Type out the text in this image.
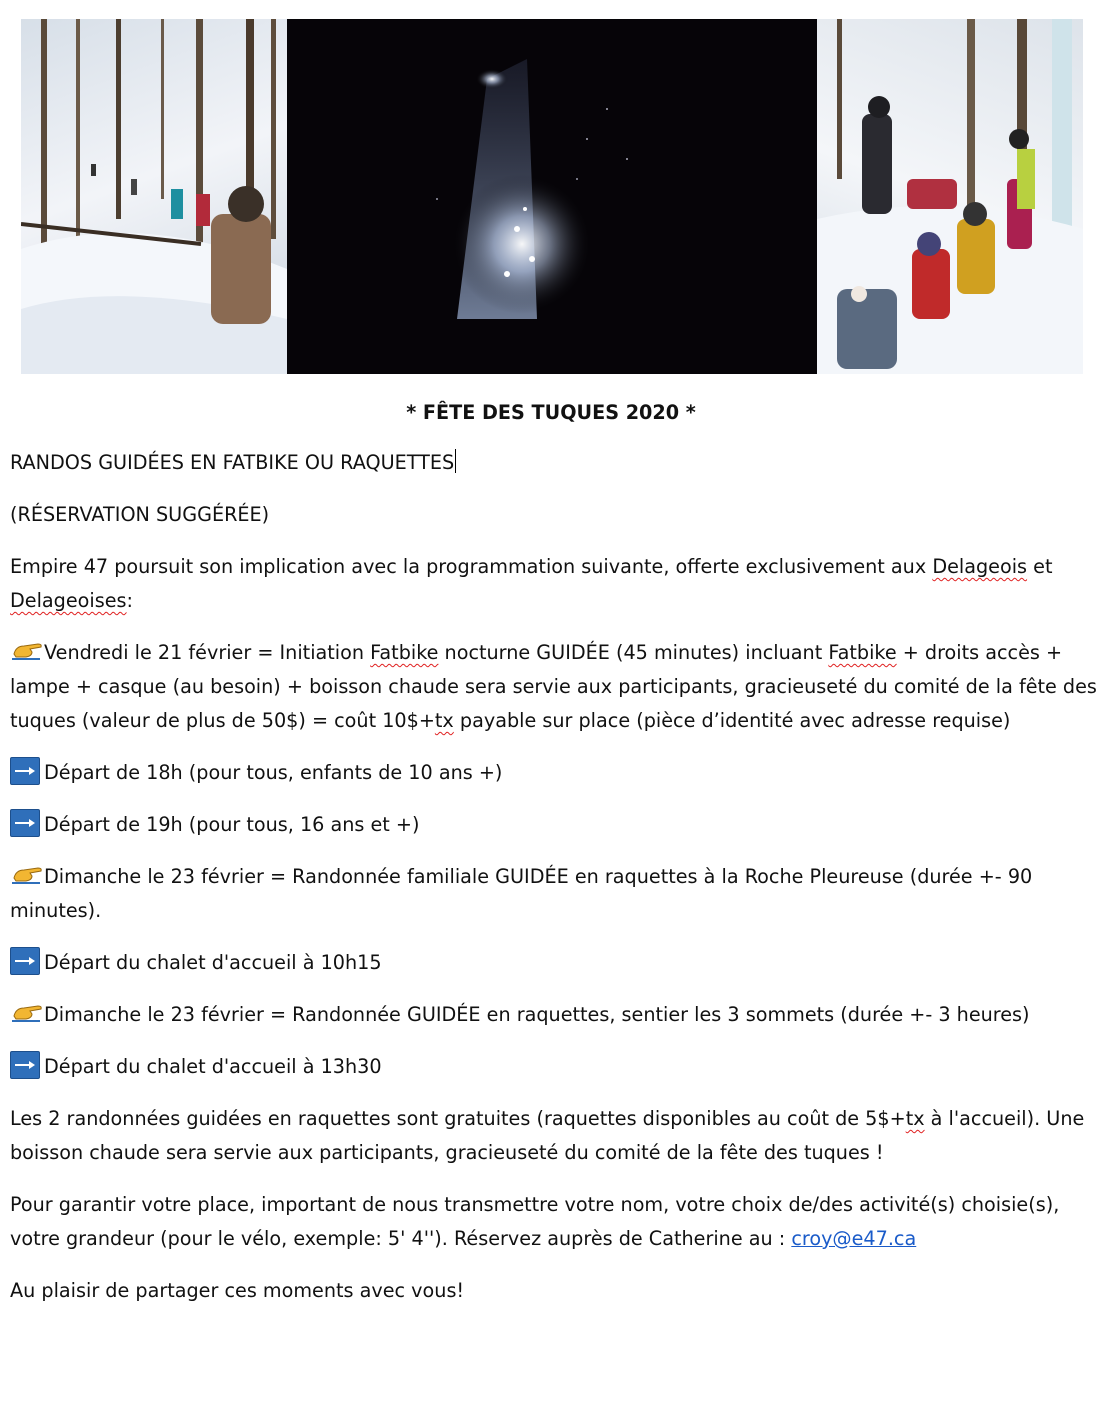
* FÊTE DES TUQUES 2020 *
RANDOS GUIDÉES EN FATBIKE OU RAQUETTES
(RÉSERVATION SUGGÉRÉE)
Empire 47 poursuit son implication avec la programmation suivante, offerte exclusivement aux Delageois et Delageoises:
Vendredi le 21 février = Initiation Fatbike nocturne GUIDÉE (45 minutes) incluant Fatbike + droits accès + lampe + casque (au besoin) + boisson chaude sera servie aux participants, gracieuseté du comité de la fête des tuques (valeur de plus de 50$) = coût 10$+tx payable sur place (pièce d’identité avec adresse requise)
Départ de 18h (pour tous, enfants de 10 ans +)
Départ de 19h (pour tous, 16 ans et +)
Dimanche le 23 février = Randonnée familiale GUIDÉE en raquettes à la Roche Pleureuse (durée +- 90 minutes).
Départ du chalet d'accueil à 10h15
Dimanche le 23 février = Randonnée GUIDÉE en raquettes, sentier les 3 sommets (durée +- 3 heures)
Départ du chalet d'accueil à 13h30
Les 2 randonnées guidées en raquettes sont gratuites (raquettes disponibles au coût de 5$+tx à l'accueil). Une boisson chaude sera servie aux participants, gracieuseté du comité de la fête des tuques !
Pour garantir votre place, important de nous transmettre votre nom, votre choix de/des activité(s) choisie(s), votre grandeur (pour le vélo, exemple: 5' 4''). Réservez auprès de Catherine au : croy@e47.ca
Au plaisir de partager ces moments avec vous!
